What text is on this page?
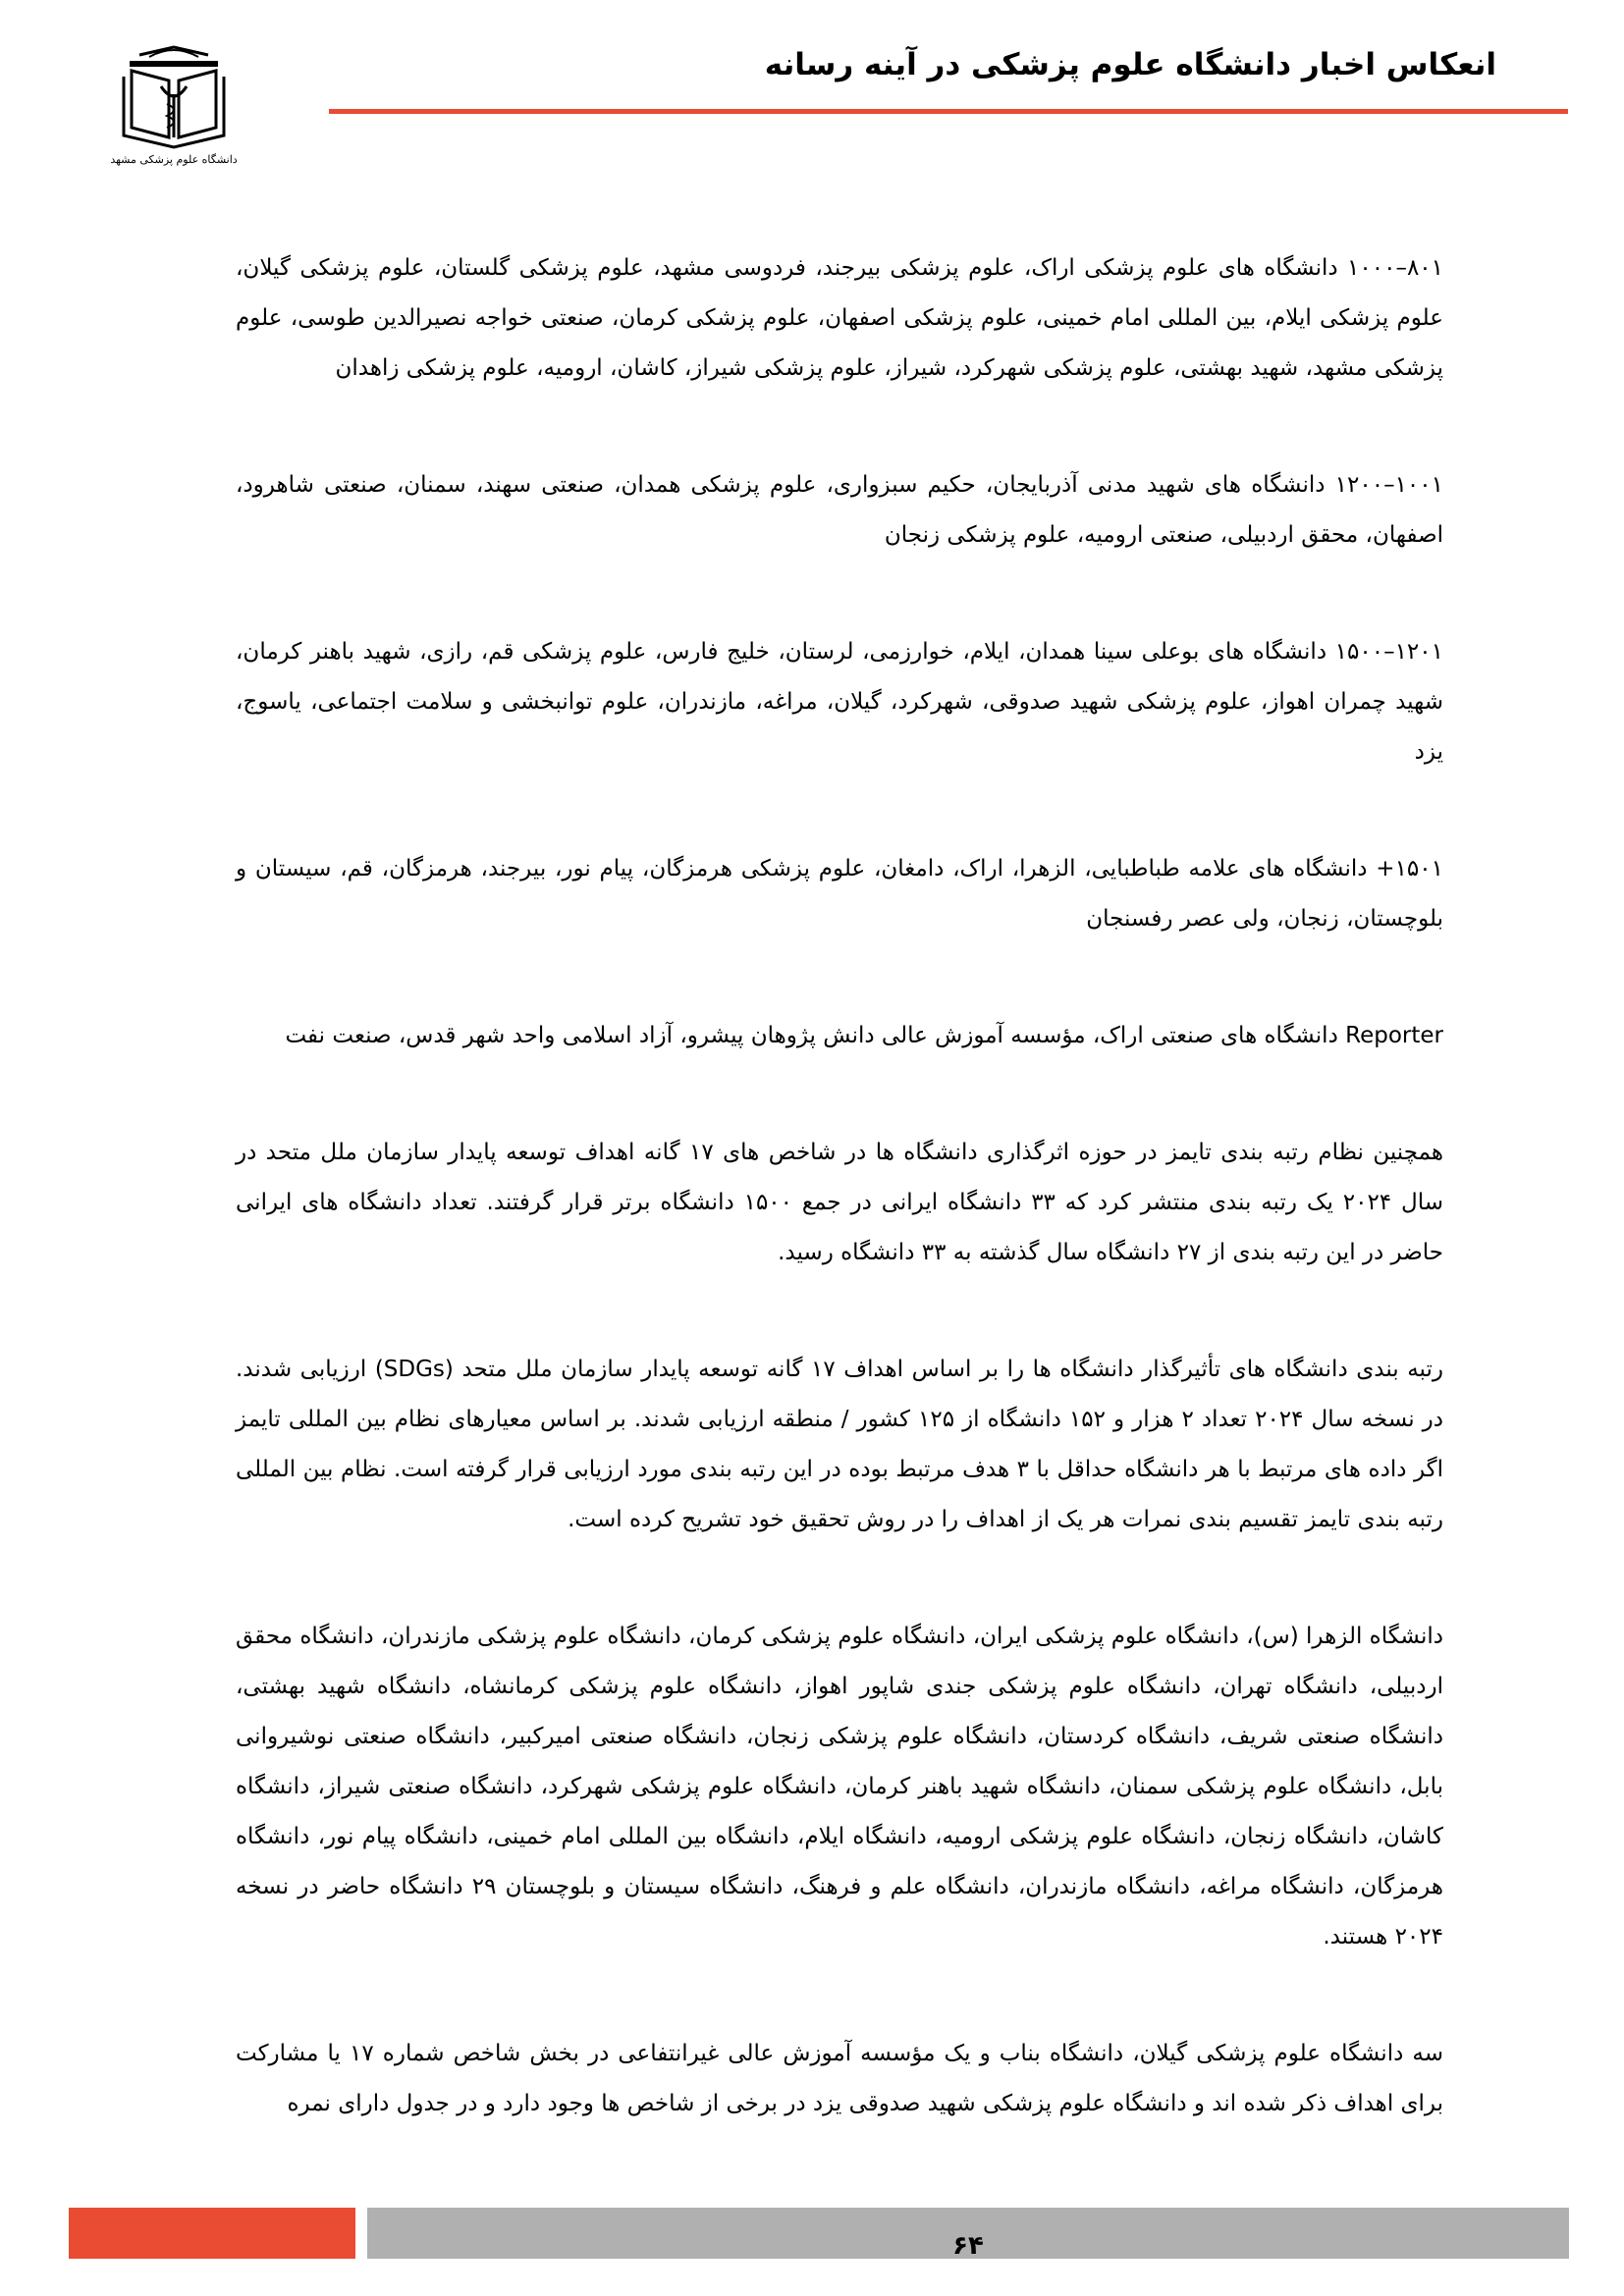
انعکاس اخبار دانشگاه علوم پزشکی در آینه رسانه
دانشگاه علوم پزشکی مشهد

۸۰۱–۱۰۰۰ دانشگاه های علوم پزشکی اراک، علوم پزشکی بیرجند، فردوسی مشهد، علوم پزشکی گلستان، علوم پزشکی گیلان، علوم پزشکی ایلام، بین المللی امام خمینی، علوم پزشکی اصفهان، علوم پزشکی کرمان، صنعتی خواجه نصیرالدین طوسی، علوم پزشکی مشهد، شهید بهشتی، علوم پزشکی شهرکرد، شیراز، علوم پزشکی شیراز، کاشان، ارومیه، علوم پزشکی زاهدان

۱۰۰۱–۱۲۰۰ دانشگاه های شهید مدنی آذربایجان، حکیم سبزواری، علوم پزشکی همدان، صنعتی سهند، سمنان، صنعتی شاهرود، اصفهان، محقق اردبیلی، صنعتی ارومیه، علوم پزشکی زنجان

۱۲۰۱–۱۵۰۰ دانشگاه های بوعلی سینا همدان، ایلام، خوارزمی، لرستان، خلیج فارس، علوم پزشکی قم، رازی، شهید باهنر کرمان، شهید چمران اهواز، علوم پزشکی شهید صدوقی، شهرکرد، گیلان، مراغه، مازندران، علوم توانبخشی و سلامت اجتماعی، یاسوج، یزد

۱۵۰۱+ دانشگاه های علامه طباطبایی، الزهرا، اراک، دامغان، علوم پزشکی هرمزگان، پیام نور، بیرجند، هرمزگان، قم، سیستان و بلوچستان، زنجان، ولی عصر رفسنجان

Reporter دانشگاه های صنعتی اراک، مؤسسه آموزش عالی دانش پژوهان پیشرو، آزاد اسلامی واحد شهر قدس، صنعت نفت

همچنین نظام رتبه بندی تایمز در حوزه اثرگذاری دانشگاه ها در شاخص های ۱۷ گانه اهداف توسعه پایدار سازمان ملل متحد در سال ۲۰۲۴ یک رتبه بندی منتشر کرد که ۳۳ دانشگاه ایرانی در جمع ۱۵۰۰ دانشگاه برتر قرار گرفتند. تعداد دانشگاه های ایرانی حاضر در این رتبه بندی از ۲۷ دانشگاه سال گذشته به ۳۳ دانشگاه رسید.

رتبه بندی دانشگاه های تأثیرگذار دانشگاه ها را بر اساس اهداف ۱۷ گانه توسعه پایدار سازمان ملل متحد (SDGs) ارزیابی شدند. در نسخه سال ۲۰۲۴ تعداد ۲ هزار و ۱۵۲ دانشگاه از ۱۲۵ کشور / منطقه ارزیابی شدند. بر اساس معیارهای نظام بین المللی تایمز اگر داده های مرتبط با هر دانشگاه حداقل با ۳ هدف مرتبط بوده در این رتبه بندی مورد ارزیابی قرار گرفته است. نظام بین المللی رتبه بندی تایمز تقسیم بندی نمرات هر یک از اهداف را در روش تحقیق خود تشریح کرده است.

دانشگاه الزهرا (س)، دانشگاه علوم پزشکی ایران، دانشگاه علوم پزشکی کرمان، دانشگاه علوم پزشکی مازندران، دانشگاه محقق اردبیلی، دانشگاه تهران، دانشگاه علوم پزشکی جندی شاپور اهواز، دانشگاه علوم پزشکی کرمانشاه، دانشگاه شهید بهشتی، دانشگاه صنعتی شریف، دانشگاه کردستان، دانشگاه علوم پزشکی زنجان، دانشگاه صنعتی امیرکبیر، دانشگاه صنعتی نوشیروانی بابل، دانشگاه علوم پزشکی سمنان، دانشگاه شهید باهنر کرمان، دانشگاه علوم پزشکی شهرکرد، دانشگاه صنعتی شیراز، دانشگاه کاشان، دانشگاه زنجان، دانشگاه علوم پزشکی ارومیه، دانشگاه ایلام، دانشگاه بین المللی امام خمینی، دانشگاه پیام نور، دانشگاه هرمزگان، دانشگاه مراغه، دانشگاه مازندران، دانشگاه علم و فرهنگ، دانشگاه سیستان و بلوچستان ۲۹ دانشگاه حاضر در نسخه ۲۰۲۴ هستند.

سه دانشگاه علوم پزشکی گیلان، دانشگاه بناب و یک مؤسسه آموزش عالی غیرانتفاعی در بخش شاخص شماره ۱۷ یا مشارکت برای اهداف ذکر شده اند و دانشگاه علوم پزشکی شهید صدوقی یزد در برخی از شاخص ها وجود دارد و در جدول دارای نمره

۶۴
